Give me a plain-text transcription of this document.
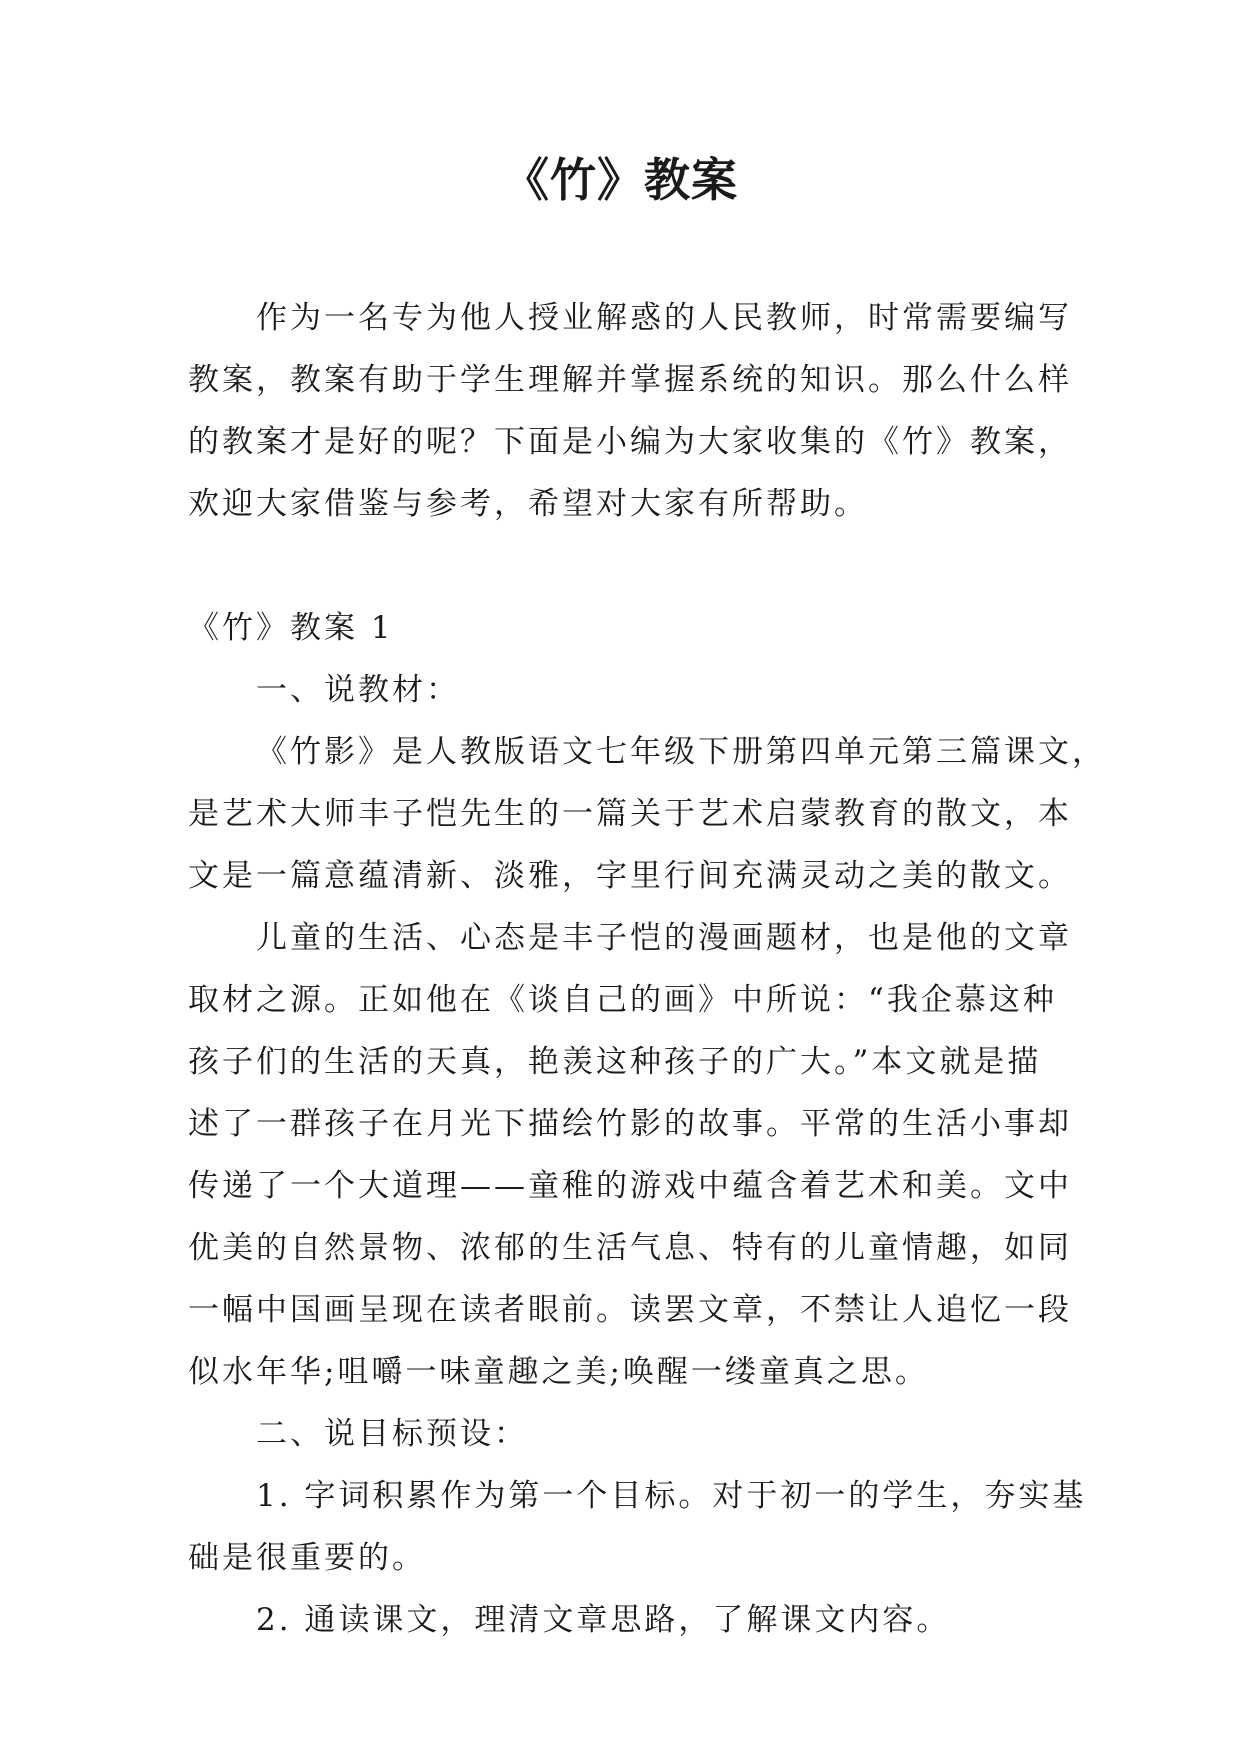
《竹》教案
作为一名专为他人授业解惑的人民教师，时常需要编写
教案，教案有助于学生理解并掌握系统的知识。那么什么样
的教案才是好的呢？下面是小编为大家收集的《竹》教案，
欢迎大家借鉴与参考，希望对大家有所帮助。
《竹》教案 1
一、说教材：
《竹影》是人教版语文七年级下册第四单元第三篇课文，
是艺术大师丰子恺先生的一篇关于艺术启蒙教育的散文，本
文是一篇意蕴清新、淡雅，字里行间充满灵动之美的散文。
儿童的生活、心态是丰子恺的漫画题材，也是他的文章
取材之源。正如他在《谈自己的画》中所说：“我企慕这种
孩子们的生活的天真，艳羡这种孩子的广大。”本文就是描
述了一群孩子在月光下描绘竹影的故事。平常的生活小事却
传递了一个大道理——童稚的游戏中蕴含着艺术和美。文中
优美的自然景物、浓郁的生活气息、特有的儿童情趣，如同
一幅中国画呈现在读者眼前。读罢文章，不禁让人追忆一段
似水年华;咀嚼一味童趣之美;唤醒一缕童真之思。
二、说目标预设：
1. 字词积累作为第一个目标。对于初一的学生，夯实基
础是很重要的。
2. 通读课文，理清文章思路，了解课文内容。
